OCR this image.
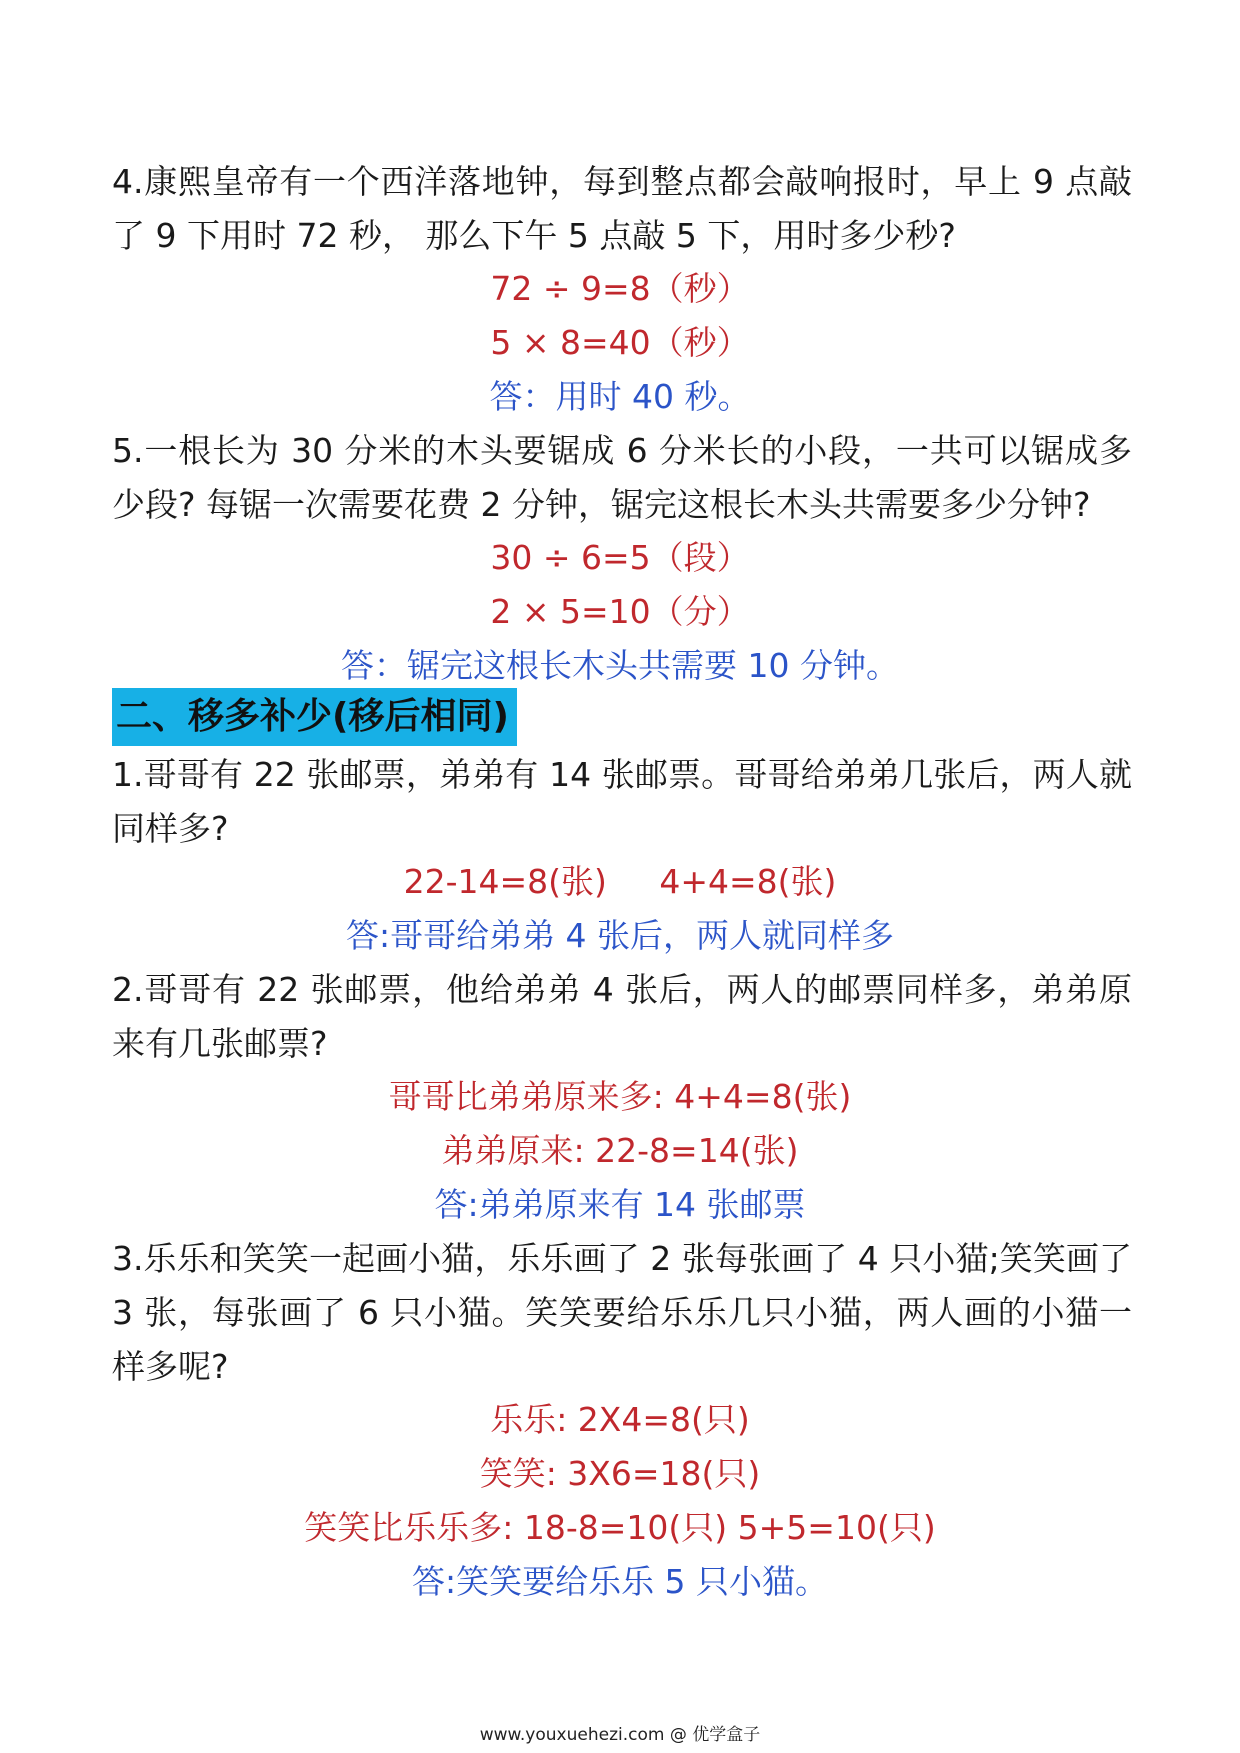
4.康熙皇帝有一个西洋落地钟，每到整点都会敲响报时，早上 9 点敲了 9 下用时 72 秒， 那么下午 5 点敲 5 下，用时多少秒?
72 ÷ 9=8（秒）
5 × 8=40（秒）
答：用时 40 秒。
5.一根长为 30 分米的木头要锯成 6 分米长的小段，一共可以锯成多少段? 每锯一次需要花费 2 分钟，锯完这根长木头共需要多少分钟?
30 ÷ 6=5（段）
2 × 5=10（分）
答：锯完这根长木头共需要 10 分钟。
二、移多补少(移后相同)
1.哥哥有 22 张邮票，弟弟有 14 张邮票。哥哥给弟弟几张后，两人就同样多?
22-14=8(张)     4+4=8(张)
答:哥哥给弟弟 4 张后，两人就同样多
2.哥哥有 22 张邮票，他给弟弟 4 张后，两人的邮票同样多，弟弟原来有几张邮票?
哥哥比弟弟原来多: 4+4=8(张)
弟弟原来: 22-8=14(张)
答:弟弟原来有 14 张邮票
3.乐乐和笑笑一起画小猫，乐乐画了 2 张每张画了 4 只小猫;笑笑画了 3 张，每张画了 6 只小猫。笑笑要给乐乐几只小猫，两人画的小猫一样多呢?
乐乐: 2X4=8(只)
笑笑: 3X6=18(只)
笑笑比乐乐多: 18-8=10(只) 5+5=10(只)
答:笑笑要给乐乐 5 只小猫。
www.youxuehezi.com @ 优学盒子
